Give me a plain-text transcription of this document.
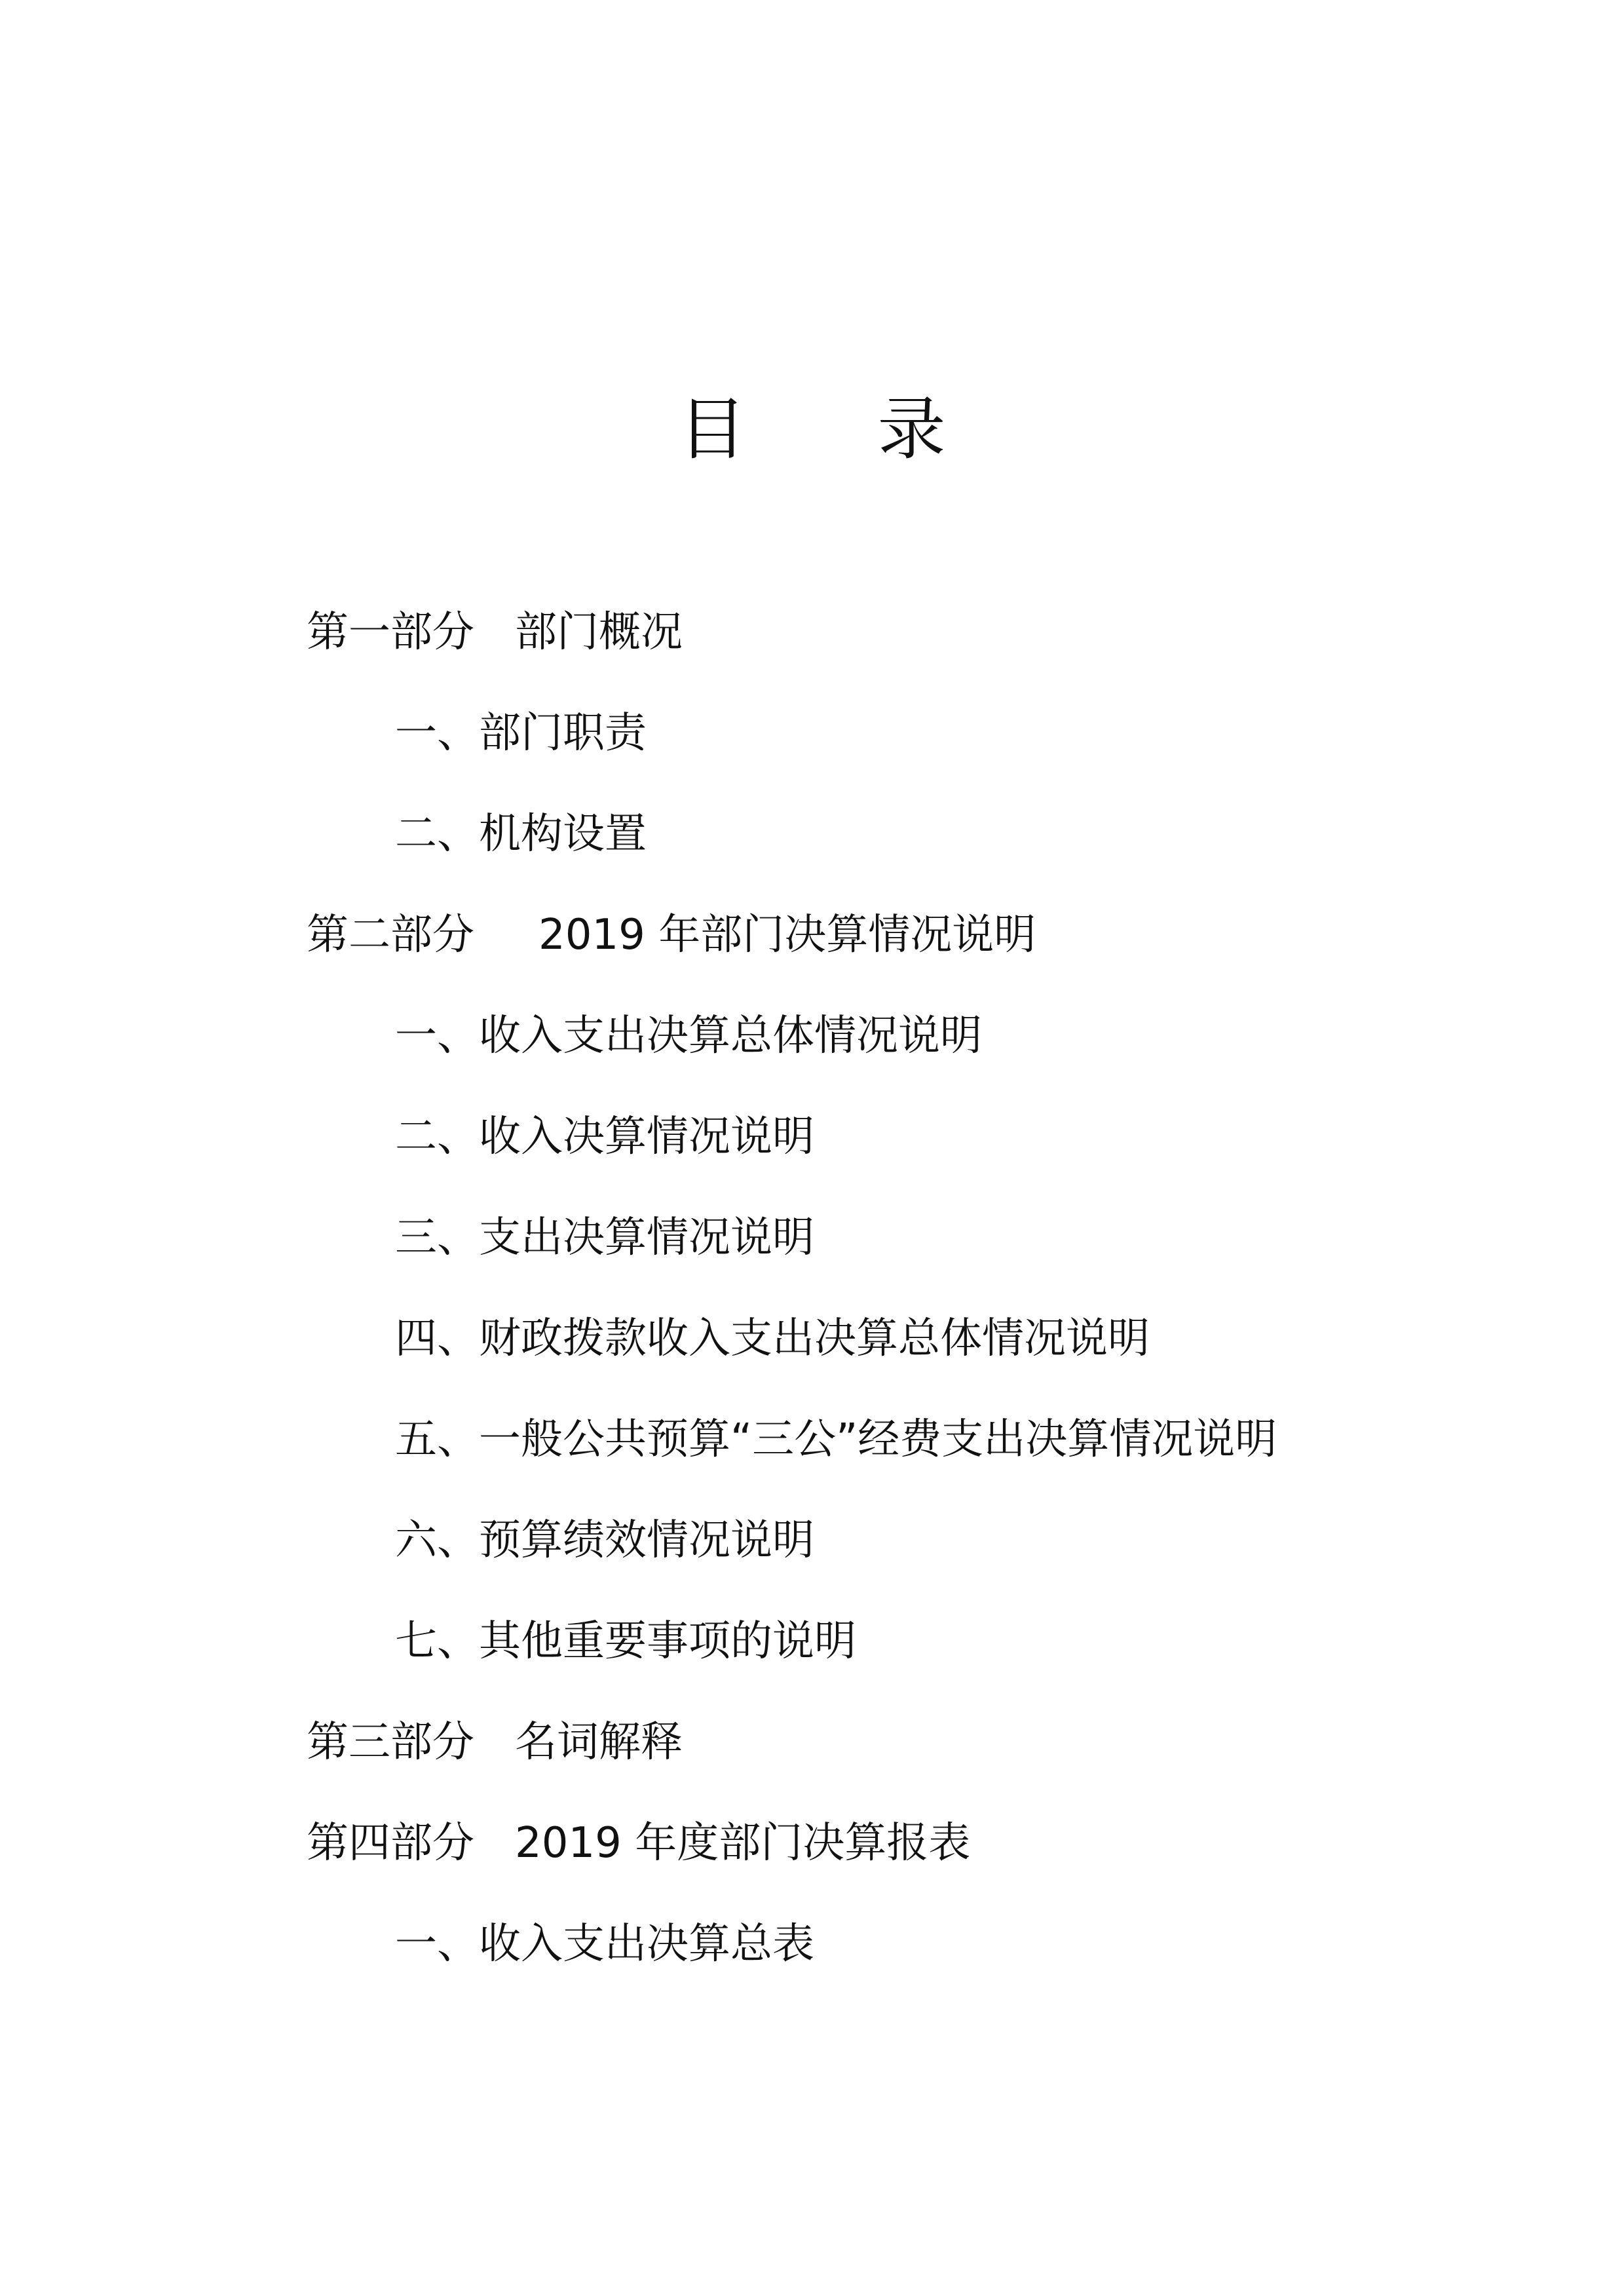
目 录
第一部分 部门概况
一、部门职责
二、机构设置
第二部分 2019 年部门决算情况说明
一、收入支出决算总体情况说明
二、收入决算情况说明
三、支出决算情况说明
四、财政拨款收入支出决算总体情况说明
五、一般公共预算“三公”经费支出决算情况说明
六、预算绩效情况说明
七、其他重要事项的说明
第三部分 名词解释
第四部分 2019 年度部门决算报表
一、收入支出决算总表
